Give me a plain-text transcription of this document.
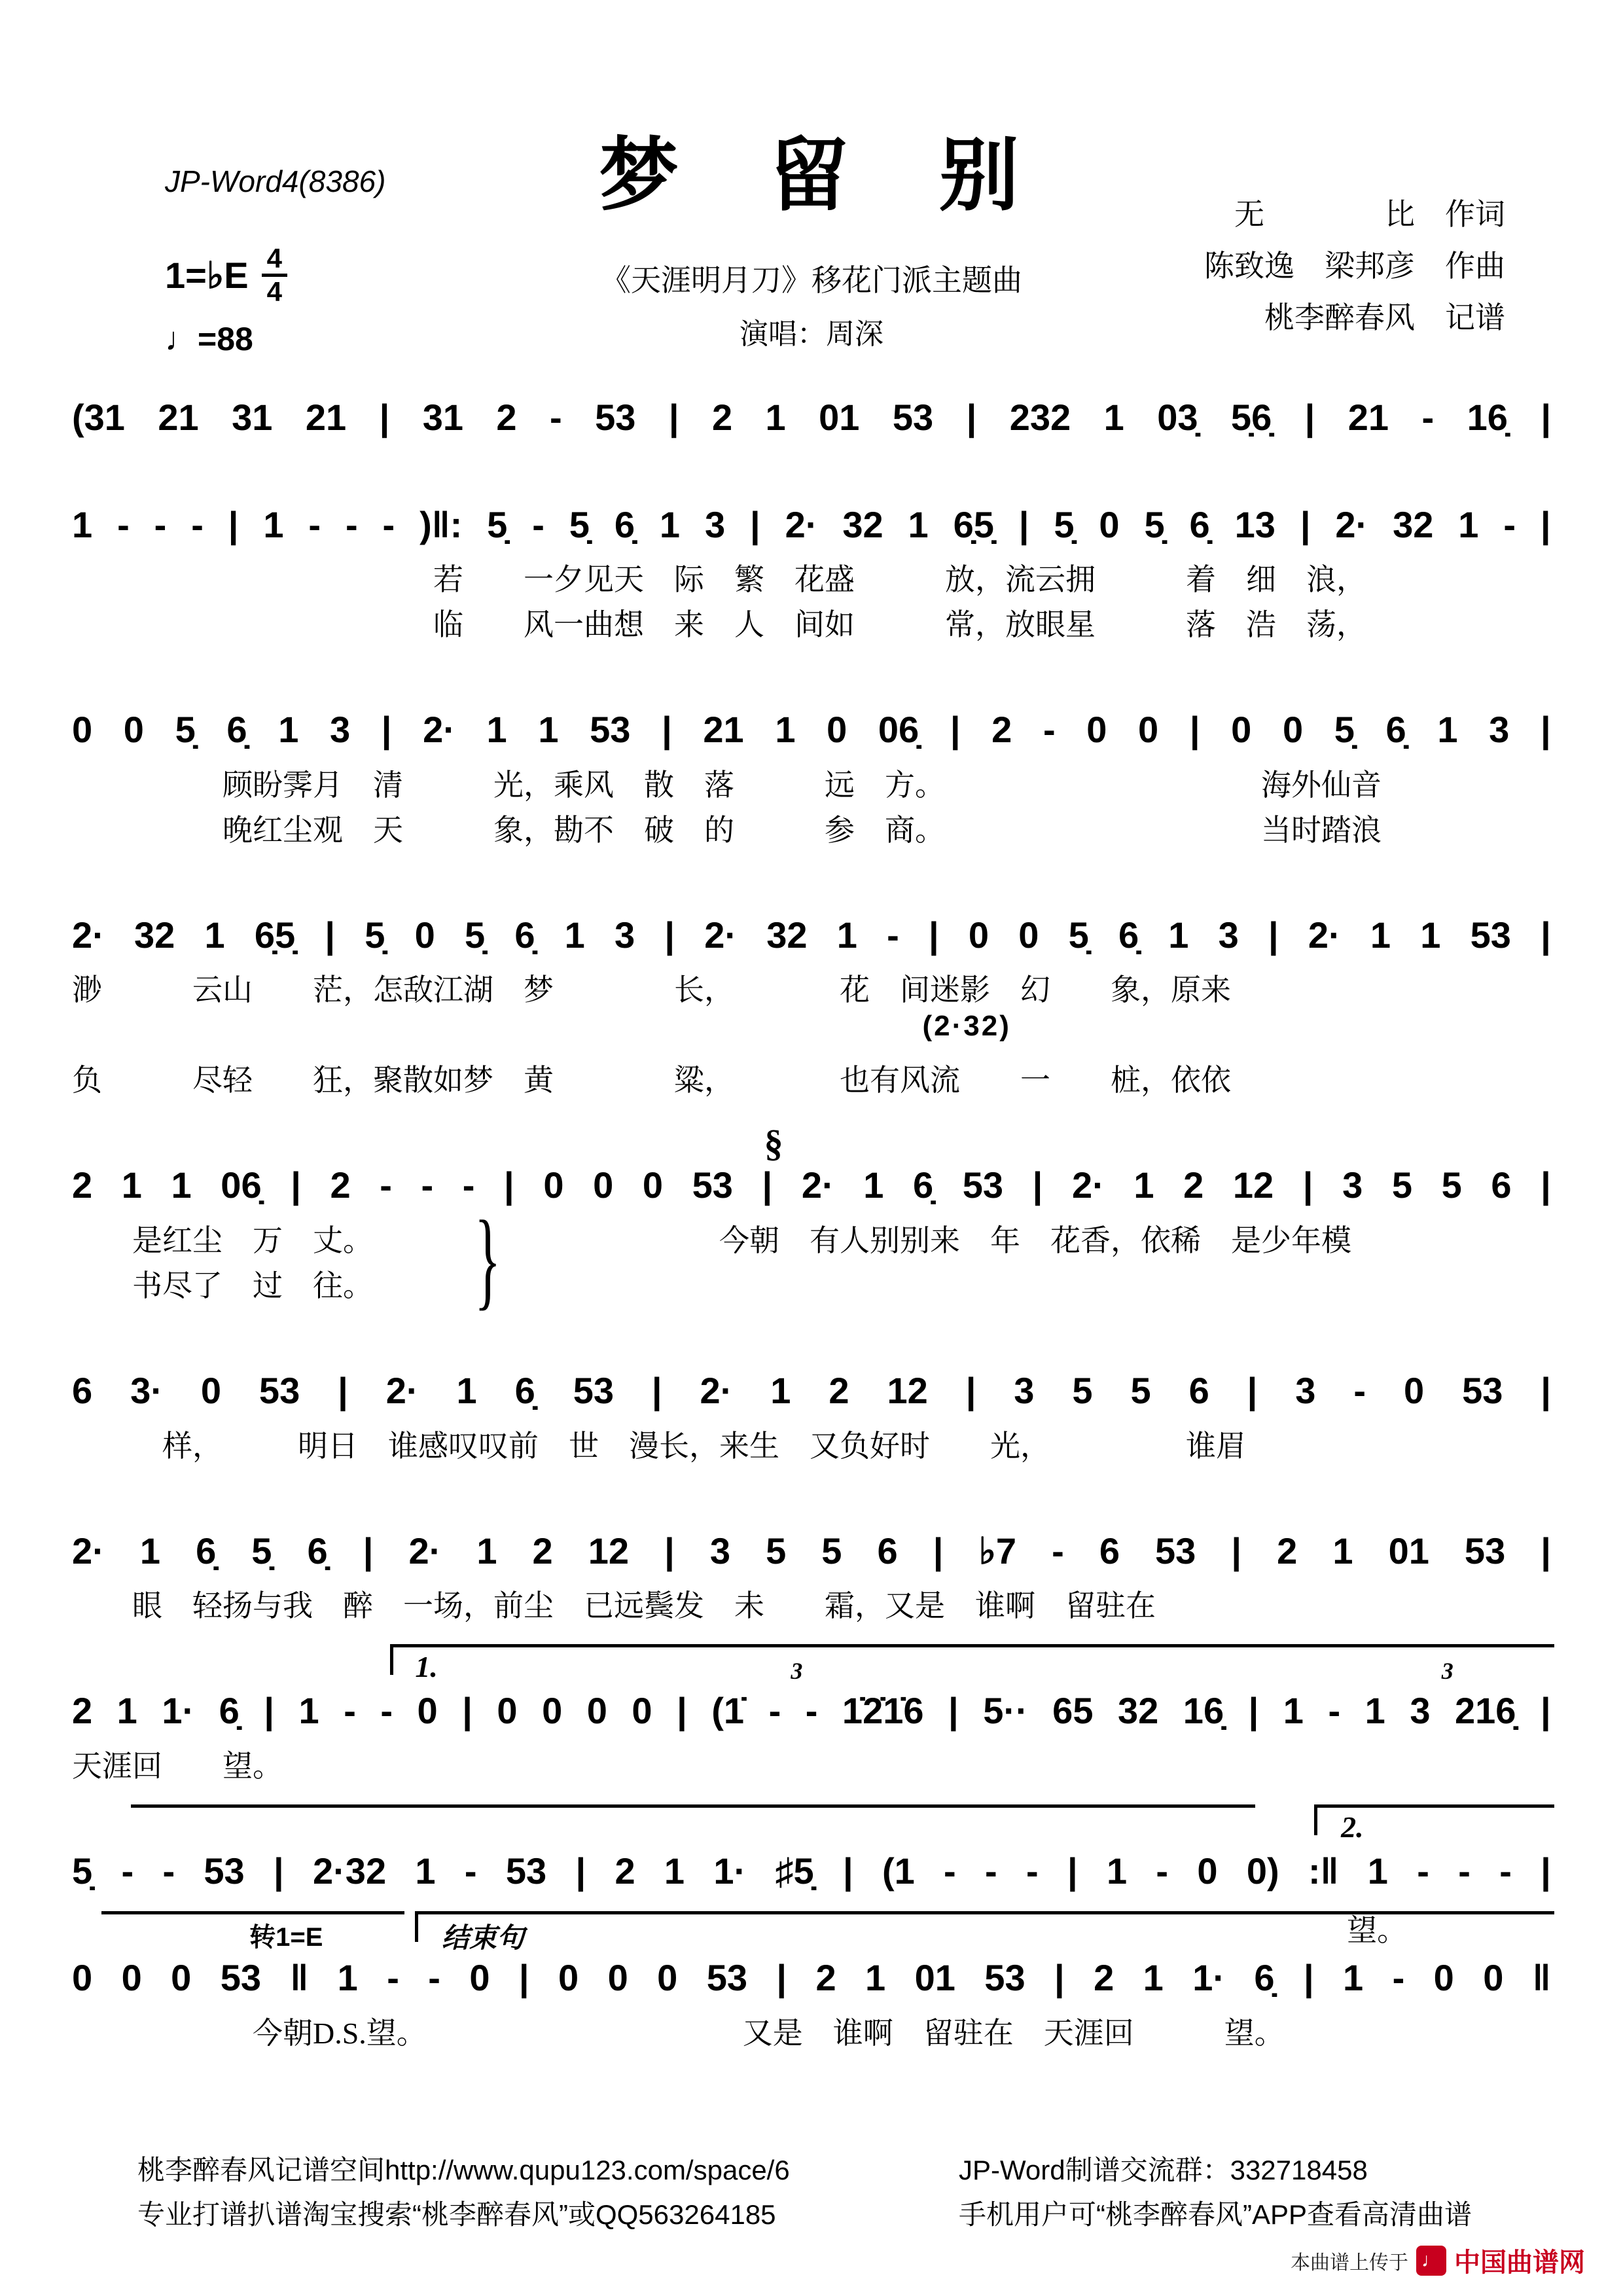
JP-Word4(8386)	梦　留　别
《天涯明月刀》移花门派主题曲
演唱：周深
无　　　　比　作词
陈致逸　梁邦彦　作曲
桃李醉春风　记谱
1=♭E $\frac{4}{4}$
♩=88
(31 21 31 21 | 31 2 - 53 | 2 1 01 53 | 232 1 03̣ 5̣6̣ | 21 - 16̣ |
1 - - - | 1 - - - )‖: 5̣ - 5̣ 6̣ 1 3 | 2· 32 1 6̣5̣ | 5̣ 0 5̣ 6̣ 13 | 2· 32 1 - |
　　　　　　　　　　　　若　　一夕见天　际　繁　花盛　　　放，流云拥　　　着　细　浪，
　　　　　　　　　　　　临　　风一曲想　来　人　间如　　　常，放眼星　　　落　浩　荡，
0 0 5̣ 6̣ 1 3 | 2· 1 1 53 | 21 1 0 06̣ | 2 - 0 0 | 0 0 5̣ 6̣ 1 3 |
　　　　　顾盼霁月　清　　　光，乘风　散　落　　　远　方。　　　　　　　　　　　海外仙音
　　　　　晚红尘观　天　　　象，勘不　破　的　　　参　商。　　　　　　　　　　　当时踏浪
2· 32 1 6̣5̣ | 5̣ 0 5̣ 6̣ 1 3 | 2· 32 1 - | 0 0 5̣ 6̣ 1 3 | 2· 1 1 53 |
渺　　　云山　　茫，怎敌江湖　梦　　　　长，　　　　花　间迷影　幻　　象，原来
负　　　尽轻　　狂，聚散如梦　黄　　　　粱，　　　　也有风流　　一　　桩，依依
(2·32)
2 1 1 06̣ | 2 - - - | 0 0 0 53 | 2· 1 6̣ 53 | 2· 1 2 12 | 3 5 5 6 |
　　是红尘　万　丈。　　　　　　　　　　　　今朝　有人别别来　年　花香，依稀　是少年模
　　书尽了　过　往。
§
}
6 3· 0 53 | 2· 1 6̣ 53 | 2· 1 2 12 | 3 5 5 6 | 3 - 0 53 |
　　　样，　　　明日　谁感叹叹前　世　漫长，来生　又负好时　　光，　　　　　谁眉
2· 1 6̣ 5̣ 6̣ | 2· 1 2 12 | 3 5 5 6 | ♭7 - 6 53 | 2 1 01 53 |
　　眼　轻扬与我　醉　一场，前尘　已远鬓发　未　　霜，又是　谁啊　留驻在
2 1 1· 6̣ | 1 - - 0 | 0 0 0 0 | (1̇ - - 1̇2̇1̇6 | 5·· 65 32 16̣ | 1 - 1 3 216̣ |
天涯回　　望。
1.	3	3
5̣ - - 53 | 2·32 1 - 53 | 2 1 1· ♯5̣ | (1 - - - | 1 - 0 0) :‖ 1 - - - |
2.
望。
0 0 0 53 ‖ 1 - - 0 | 0 0 0 53 | 2 1 01 53 | 2 1 1· 6̣ | 1 - 0 0 ‖
　　　　　　今朝D.S.望。　　　　　　　　　　　又是　谁啊　留驻在　天涯回　　　望。
转1=E	结束句
桃李醉春风记谱空间http://www.qupu123.com/space/6
专业打谱扒谱淘宝搜索“桃李醉春风”或QQ563264185
JP-Word制谱交流群：332718458
手机用户可“桃李醉春风”APP查看高清曲谱
本曲谱上传于 ♩ 中国曲谱网
